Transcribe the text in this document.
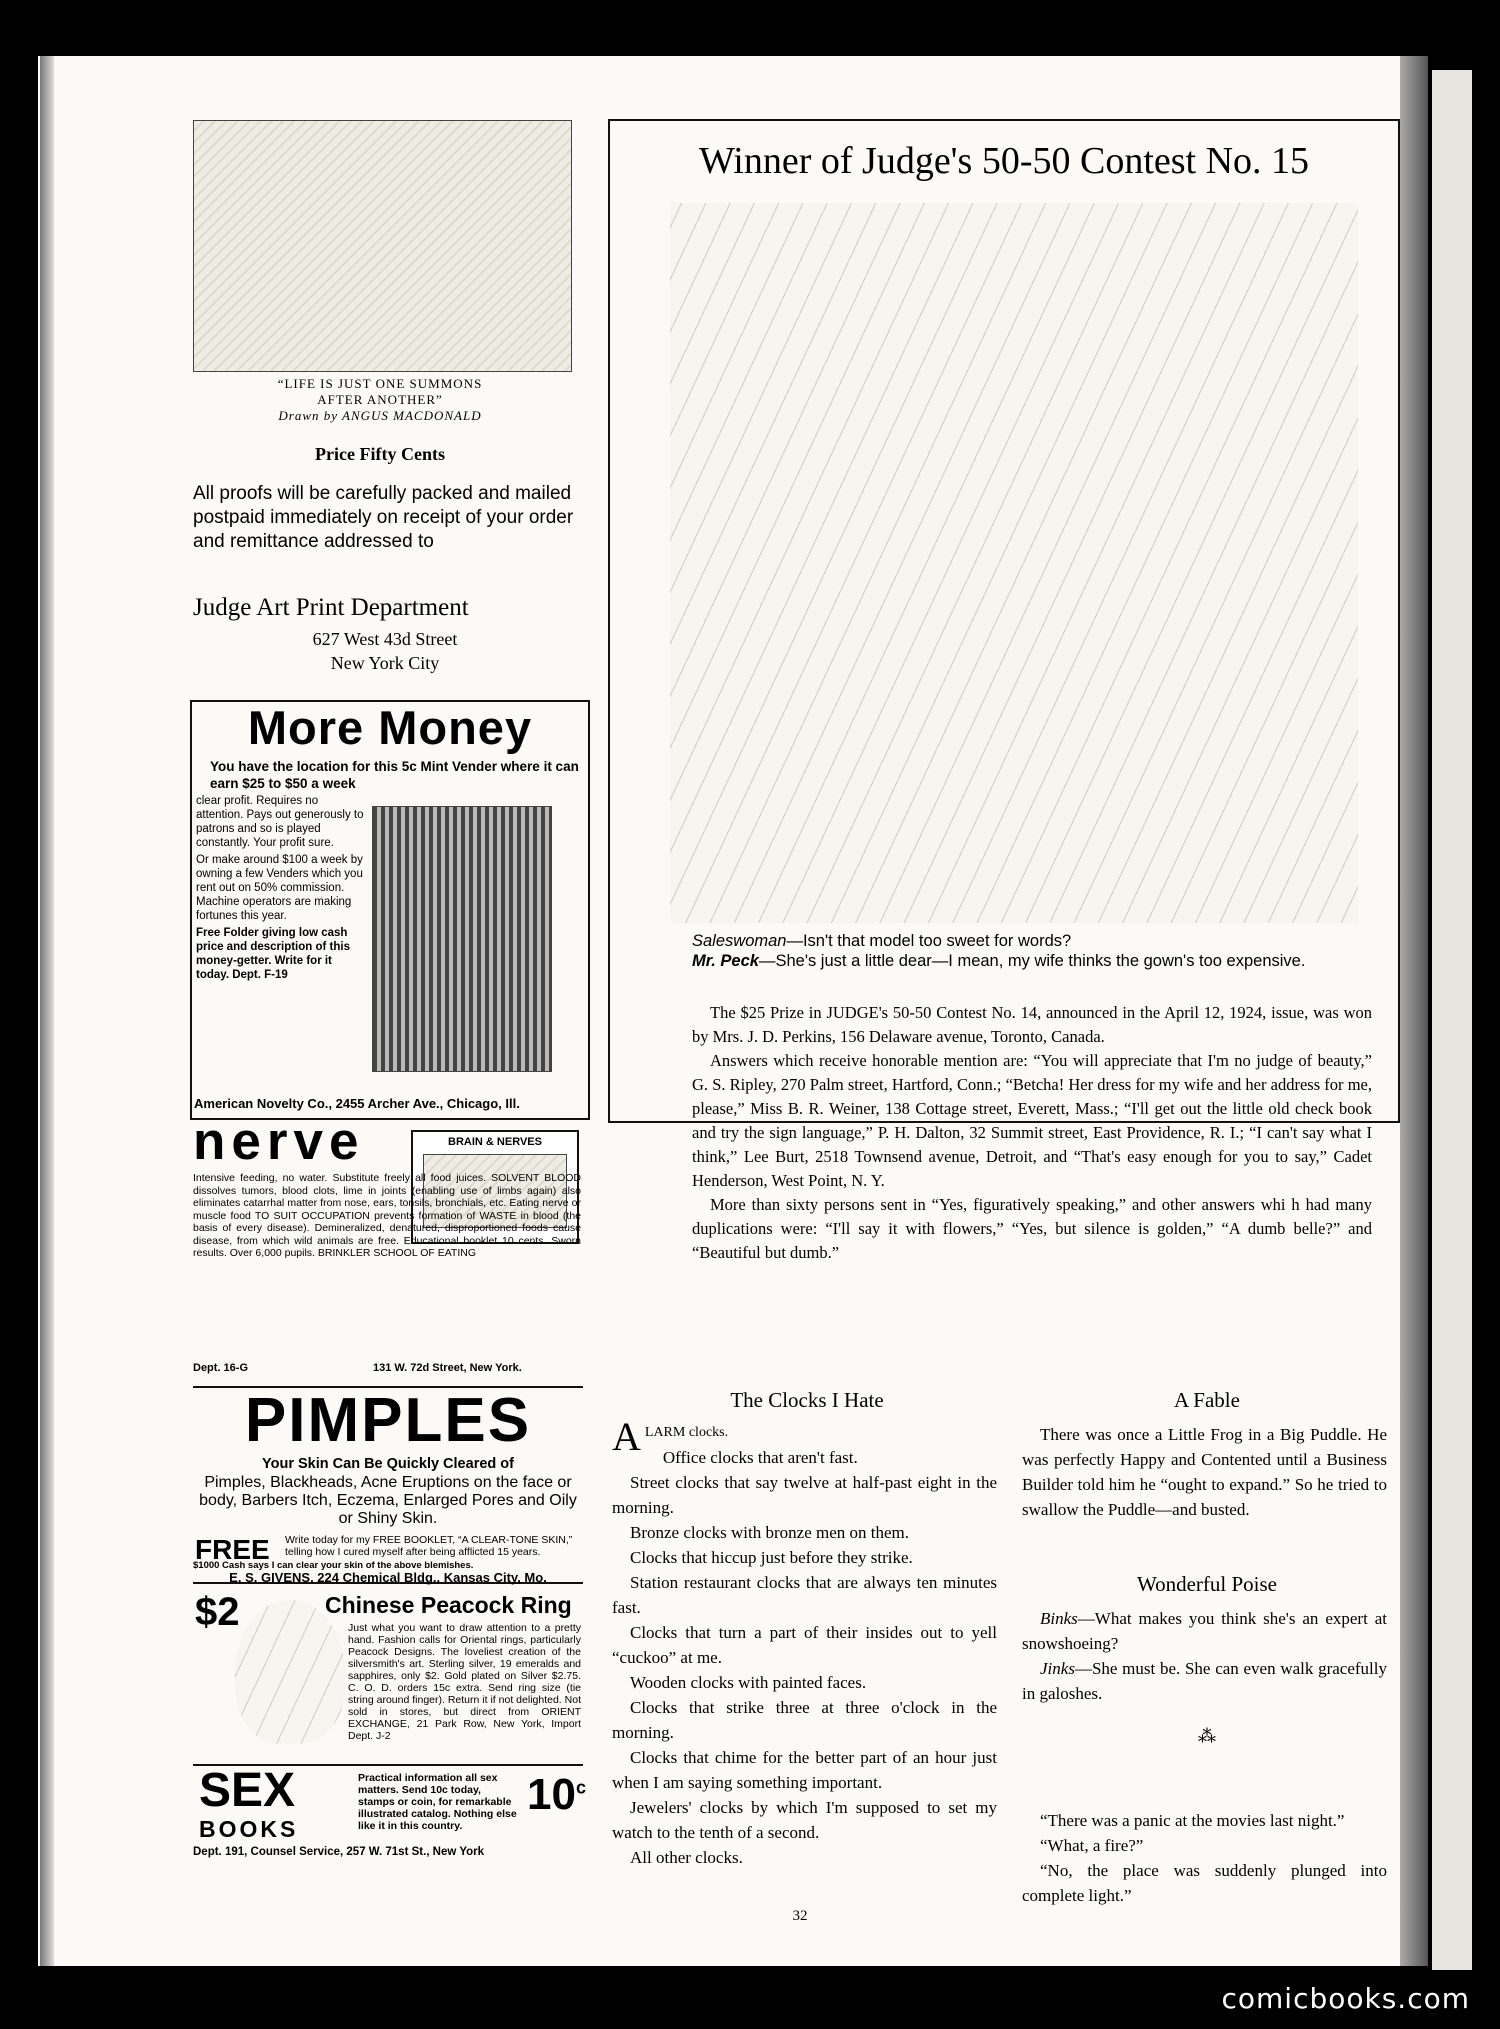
“LIFE IS JUST ONE SUMMONS
AFTER ANOTHER”
Drawn by ANGUS MACDONALD
Price Fifty Cents
All proofs will be carefully packed and mailed postpaid immediately on receipt of your order and remittance addressed to
Judge Art Print Department
627 West 43d Street
New York City
More Money
You have the location for this 5c Mint Vender where it can earn $25 to $50 a week
clear profit. Requires no attention. Pays out generously to patrons and so is played constantly. Your profit sure.
Or make around $100 a week by owning a few Venders which you rent out on 50% commission. Machine operators are making fortunes this year.
Free Folder giving low cash price and description of this money-getter. Write for it today. Dept. F-19
American Novelty Co., 2455 Archer Ave., Chicago, Ill.
nerve	BRAIN & NERVES
Intensive feeding, no water. Substitute freely all food juices. SOLVENT BLOOD dissolves tumors, blood clots, lime in joints (enabling use of limbs again) also eliminates catarrhal matter from nose, ears, tonsils, bronchials, etc. Eating nerve or muscle food TO SUIT OCCUPATION prevents formation of WASTE in blood (the basis of every disease). Demineralized, denatured, disproportioned foods cause disease, from which wild animals are free. Educational booklet 10 cents. Sworn results. Over 6,000 pupils. BRINKLER SCHOOL OF EATING
Dept. 16-G	131 W. 72d Street, New York.
PIMPLES
Your Skin Can Be Quickly Cleared of
Pimples, Blackheads, Acne Eruptions on the face or body, Barbers Itch, Eczema, Enlarged Pores and Oily or Shiny Skin.
FREE Write today for my FREE BOOKLET, “A CLEAR-TONE SKIN,” telling how I cured myself after being afflicted 15 years.
$1000 Cash says I can clear your skin of the above blemishes.
E. S. GIVENS, 224 Chemical Bldg., Kansas City, Mo.
$2	Chinese Peacock Ring
Just what you want to draw attention to a pretty hand. Fashion calls for Oriental rings, particularly Peacock Designs. The loveliest creation of the silversmith's art. Sterling silver, 19 emeralds and sapphires, only $2. Gold plated on Silver $2.75. C. O. D. orders 15c extra. Send ring size (tie string around finger). Return it if not delighted. Not sold in stores, but direct from ORIENT EXCHANGE, 21 Park Row, New York, Import Dept. J-2
SEX
BOOKS
Practical information all sex matters. Send 10c today, stamps or coin, for remarkable illustrated catalog. Nothing else like it in this country.
10$^c$
Dept. 191, Counsel Service, 257 W. 71st St., New York
Winner of Judge's 50-50 Contest No. 15
Saleswoman—Isn't that model too sweet for words?
Mr. Peck—She's just a little dear—I mean, my wife thinks the gown's too expensive.

The $25 Prize in JUDGE's 50-50 Contest No. 14, announced in the April 12, 1924, issue, was won by Mrs. J. D. Perkins, 156 Delaware avenue, Toronto, Canada.

Answers which receive honorable mention are: “You will appreciate that I'm no judge of beauty,” G. S. Ripley, 270 Palm street, Hartford, Conn.; “Betcha! Her dress for my wife and her address for me, please,” Miss B. R. Weiner, 138 Cottage street, Everett, Mass.; “I'll get out the little old check book and try the sign language,” P. H. Dalton, 32 Summit street, East Providence, R. I.; “I can't say what I think,” Lee Burt, 2518 Townsend avenue, Detroit, and “That's easy enough for you to say,” Cadet Henderson, West Point, N. Y.

More than sixty persons sent in “Yes, figuratively speaking,” and other answers whi h had many duplications were: “I'll say it with flowers,” “Yes, but silence is golden,” “A dumb belle?” and “Beautiful but dumb.”

The Clocks I Hate
ALARM clocks.

Office clocks that aren't fast.

Street clocks that say twelve at half-past eight in the morning.

Bronze clocks with bronze men on them.

Clocks that hiccup just before they strike.

Station restaurant clocks that are always ten minutes fast.

Clocks that turn a part of their insides out to yell “cuckoo” at me.

Wooden clocks with painted faces.

Clocks that strike three at three o'clock in the morning.

Clocks that chime for the better part of an hour just when I am saying something important.

Jewelers' clocks by which I'm supposed to set my watch to the tenth of a second.

All other clocks.

A Fable

There was once a Little Frog in a Big Puddle. He was perfectly Happy and Contented until a Business Builder told him he “ought to expand.” So he tried to swallow the Puddle—and busted.

Wonderful Poise

Binks—What makes you think she's an expert at snowshoeing?

Jinks—She must be. She can even walk gracefully in galoshes.

⁂

“There was a panic at the movies last night.”

“What, a fire?”

“No, the place was suddenly plunged into complete light.”

32
comicbooks.com
